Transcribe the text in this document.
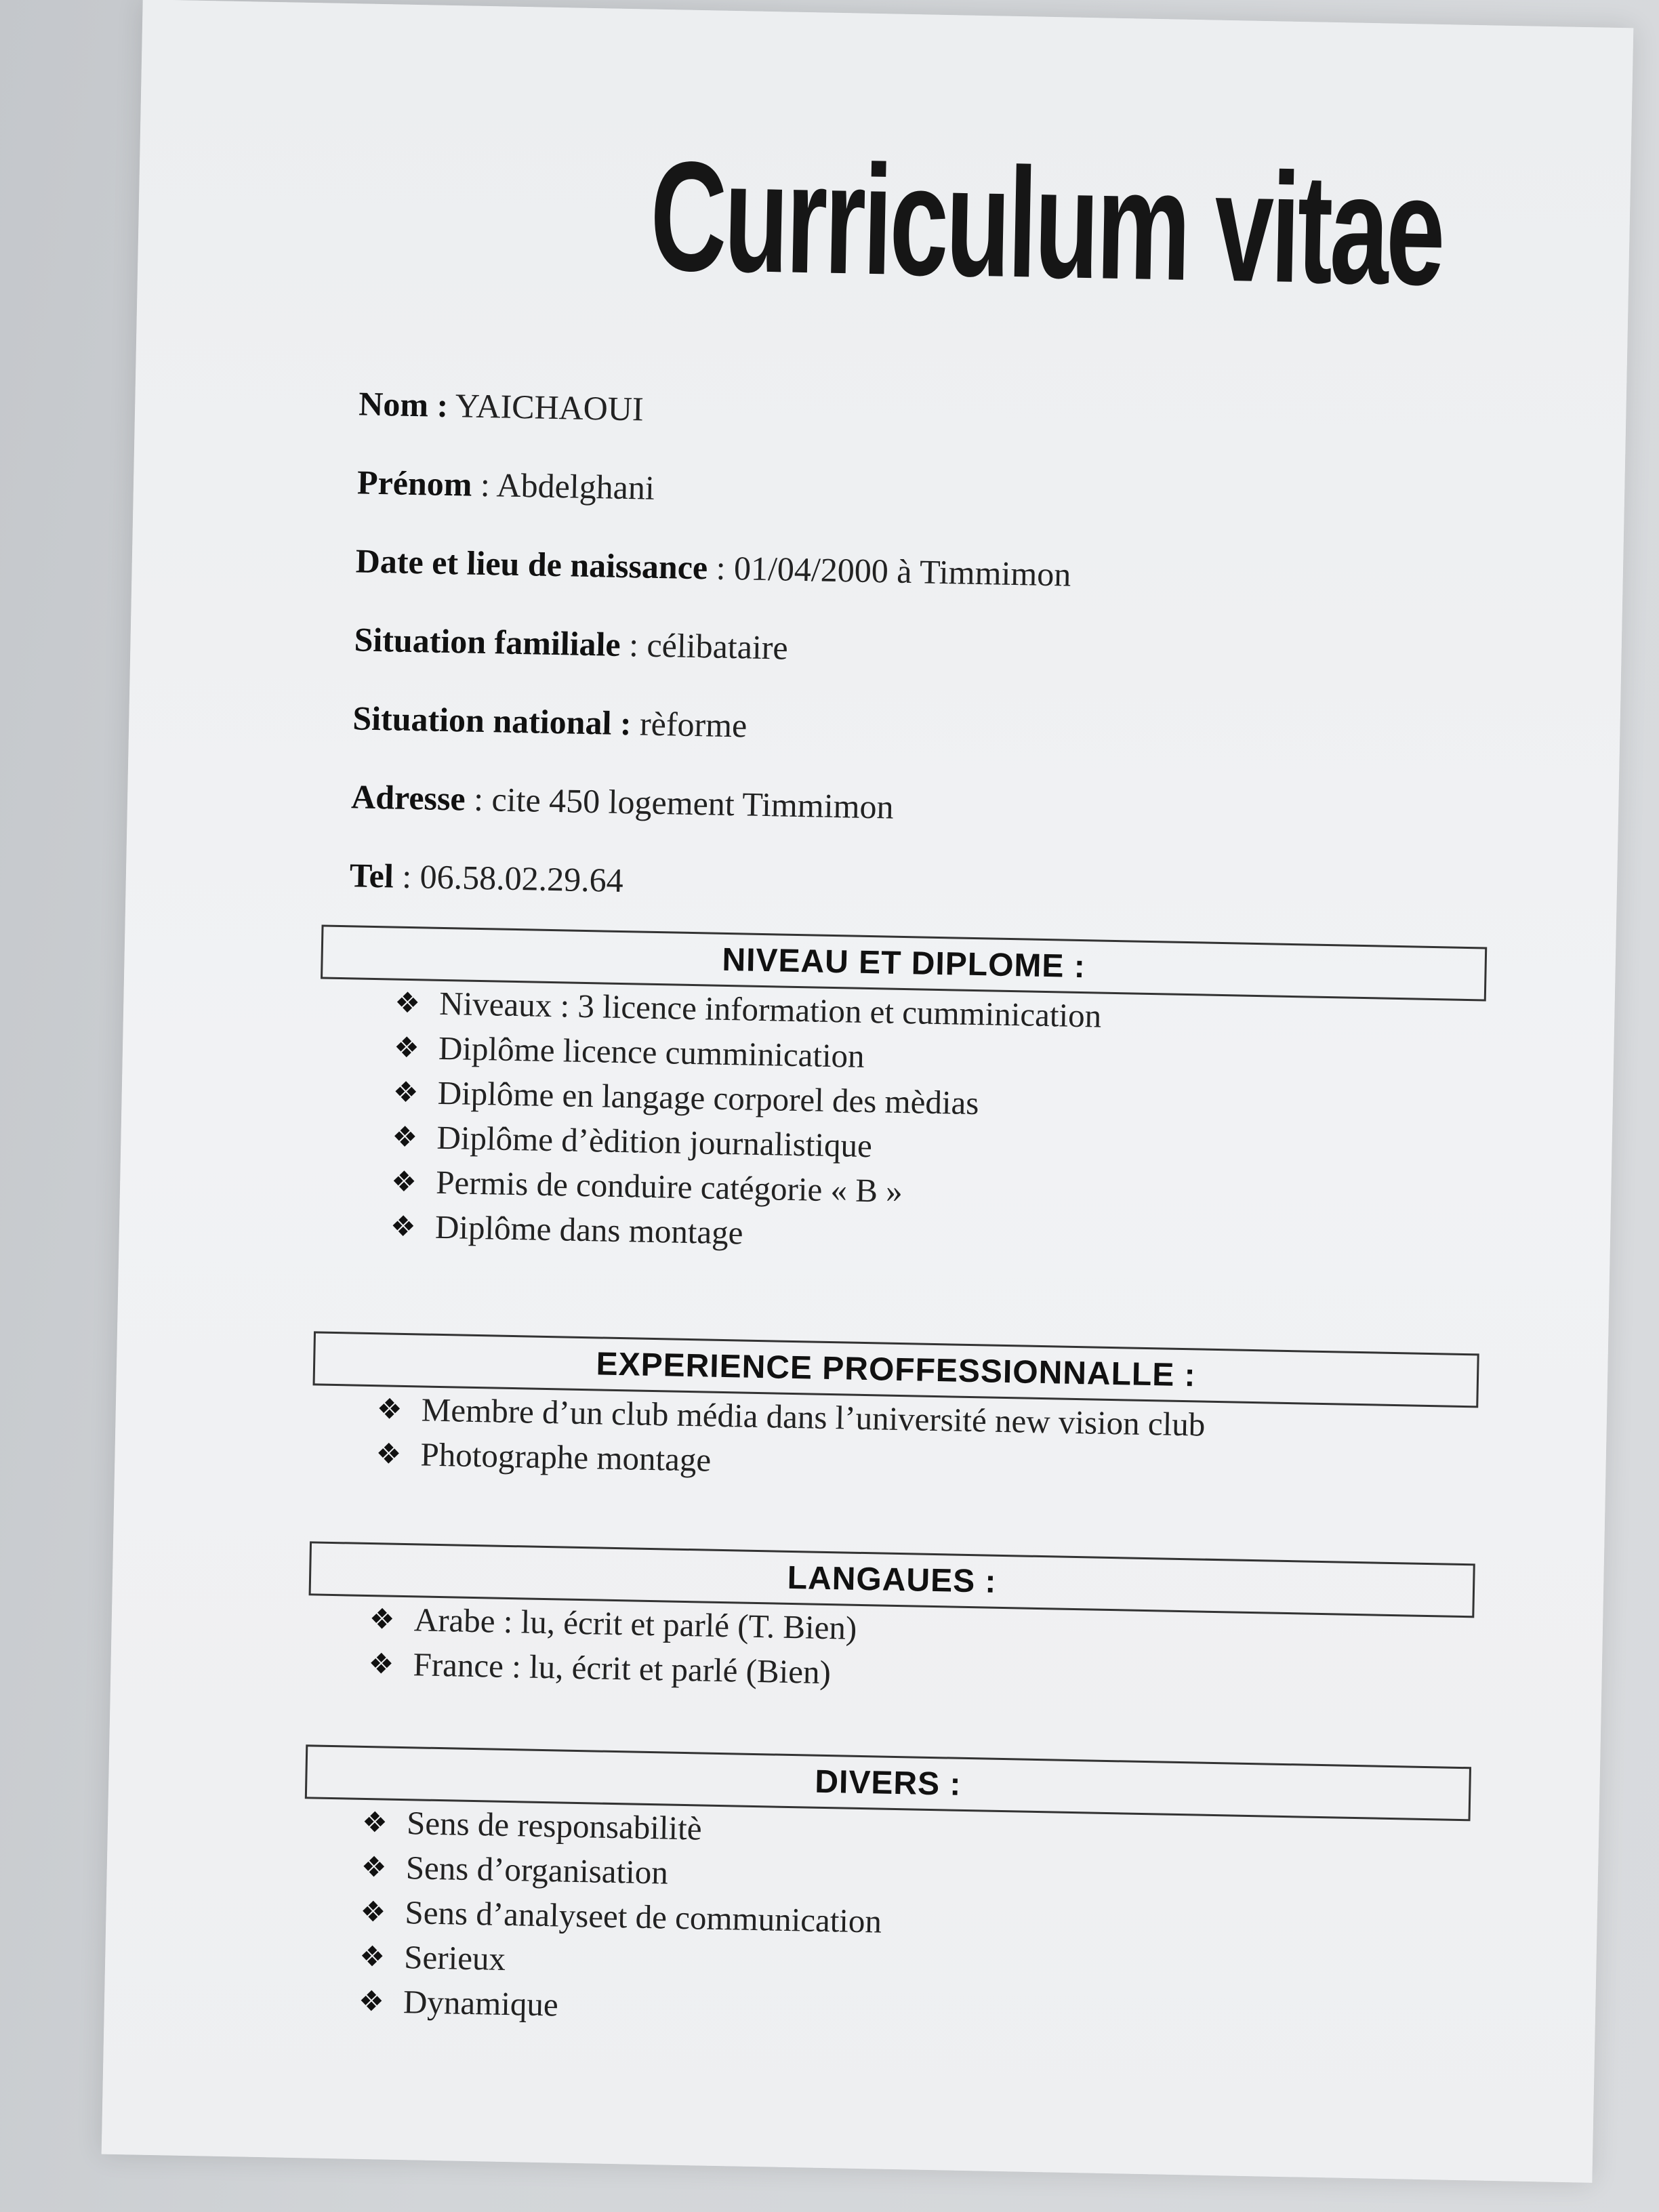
Curriculum vitae
Nom : YAICHAOUI
Prénom : Abdelghani
Date et lieu de naissance : 01/04/2000 à Timmimon
Situation familiale : célibataire
Situation national : rèforme
Adresse : cite 450 logement Timmimon
Tel : 06.58.02.29.64
NIVEAU ET DIPLOME :
❖ Niveaux : 3 licence information et cumminication
❖ Diplôme licence cumminication
❖ Diplôme en langage corporel des mèdias
❖ Diplôme d’èdition journalistique
❖ Permis de conduire catégorie « B »
❖ Diplôme dans montage
EXPERIENCE PROFFESSIONNALLE :
❖ Membre d’un club média dans l’université new vision club
❖ Photographe montage
LANGAUES :
❖ Arabe : lu, écrit et parlé (T. Bien)
❖ France : lu, écrit et parlé (Bien)
DIVERS :
❖ Sens de responsabilitè
❖ Sens d’organisation
❖ Sens d’analyseet de communication
❖ Serieux
❖ Dynamique
